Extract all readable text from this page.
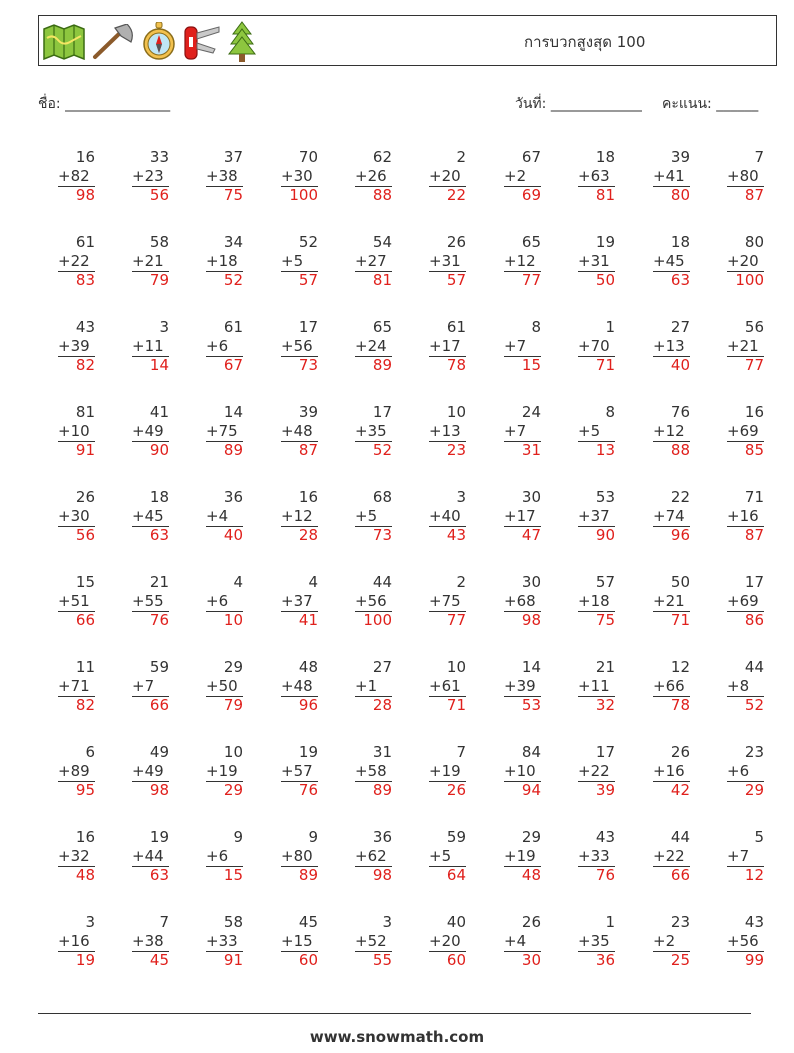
การบวกสูงสุด 100
ชื่อ: _______________	วันที่: _____________ คะแนน: ______
16
+82
98
33
+23
56
37
+38
75
70
+30
100
62
+26
88
2
+20
22
67
+2
69
18
+63
81
39
+41
80
7
+80
87
61
+22
83
58
+21
79
34
+18
52
52
+5
57
54
+27
81
26
+31
57
65
+12
77
19
+31
50
18
+45
63
80
+20
100
43
+39
82
3
+11
14
61
+6
67
17
+56
73
65
+24
89
61
+17
78
8
+7
15
1
+70
71
27
+13
40
56
+21
77
81
+10
91
41
+49
90
14
+75
89
39
+48
87
17
+35
52
10
+13
23
24
+7
31
8
+5
13
76
+12
88
16
+69
85
26
+30
56
18
+45
63
36
+4
40
16
+12
28
68
+5
73
3
+40
43
30
+17
47
53
+37
90
22
+74
96
71
+16
87
15
+51
66
21
+55
76
4
+6
10
4
+37
41
44
+56
100
2
+75
77
30
+68
98
57
+18
75
50
+21
71
17
+69
86
11
+71
82
59
+7
66
29
+50
79
48
+48
96
27
+1
28
10
+61
71
14
+39
53
21
+11
32
12
+66
78
44
+8
52
6
+89
95
49
+49
98
10
+19
29
19
+57
76
31
+58
89
7
+19
26
84
+10
94
17
+22
39
26
+16
42
23
+6
29
16
+32
48
19
+44
63
9
+6
15
9
+80
89
36
+62
98
59
+5
64
29
+19
48
43
+33
76
44
+22
66
5
+7
12
3
+16
19
7
+38
45
58
+33
91
45
+15
60
3
+52
55
40
+20
60
26
+4
30
1
+35
36
23
+2
25
43
+56
99
www.snowmath.com
